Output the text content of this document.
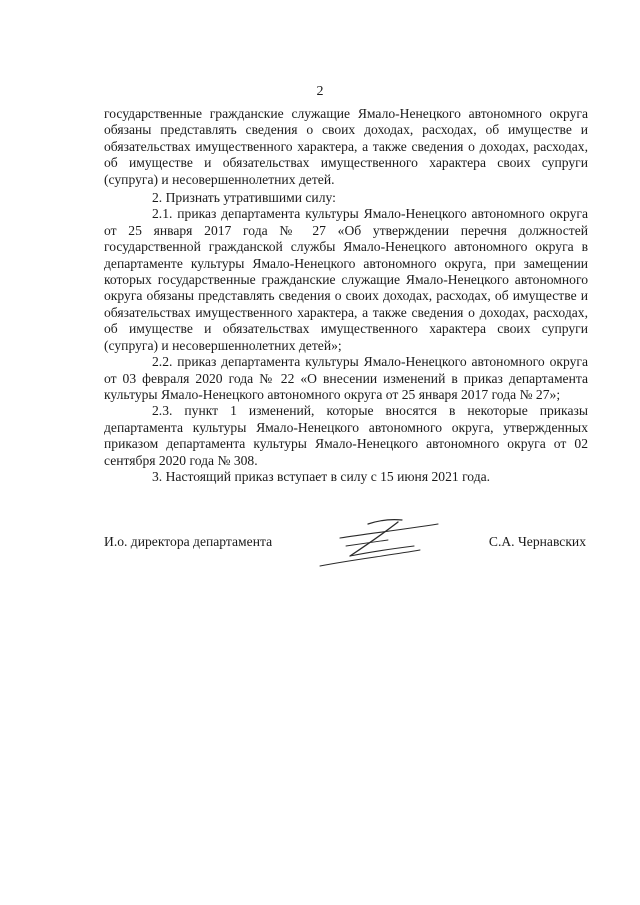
2

государственные гражданские служащие Ямало-Ненецкого автономного округа обязаны представлять сведения о своих доходах, расходах, об имуществе и обязательствах имущественного характера, а также сведения о доходах, расходах, об имуществе и обязательствах имущественного характера своих супруги (супруга) и несовершеннолетних детей.

2. Признать утратившими силу:

2.1. приказ департамента культуры Ямало-Ненецкого автономного округа от 25 января 2017 года № 27 «Об утверждении перечня должностей государственной гражданской службы Ямало-Ненецкого автономного округа в департаменте культуры Ямало-Ненецкого автономного округа, при замещении которых государственные гражданские служащие Ямало-Ненецкого автономного округа обязаны представлять сведения о своих доходах, расходах, об имуществе и обязательствах имущественного характера, а также сведения о доходах, расходах, об имуществе и обязательствах имущественного характера своих супруги (супруга) и несовершеннолетних детей»;

2.2. приказ департамента культуры Ямало-Ненецкого автономного округа от 03 февраля 2020 года № 22 «О внесении изменений в приказ департамента культуры Ямало-Ненецкого автономного округа от 25 января 2017 года № 27»;

2.3. пункт 1 изменений, которые вносятся в некоторые приказы департамента культуры Ямало-Ненецкого автономного округа, утвержденных приказом департамента культуры Ямало-Ненецкого автономного округа от 02 сентября 2020 года № 308.

3. Настоящий приказ вступает в силу с 15 июня 2021 года.

И.о. директора департамента	С.А. Чернавских
